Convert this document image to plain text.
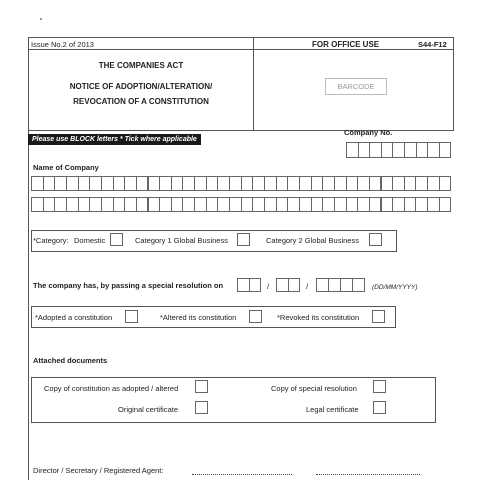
Issue No.2 of 2013	FOR OFFICE USE	S44-F12
THE COMPANIES ACT
NOTICE OF ADOPTION/ALTERATION/
REVOCATION OF A CONSTITUTION
BARCODE
Please use BLOCK letters * Tick where applicable
Company No.
Name of Company
*Category: Domestic	Category 1 Global Business	Category 2 Global Business
The company has, by passing a special resolution on	/	/	(DD/MM/YYYY)
*Adopted a constitution	*Altered its constitution	*Revoked its constitution
Attached documents
Copy of constitution as adopted / altered	Copy of special resolution
Original certificate	Legal certificate
Director / Secretary / Registered Agent:
